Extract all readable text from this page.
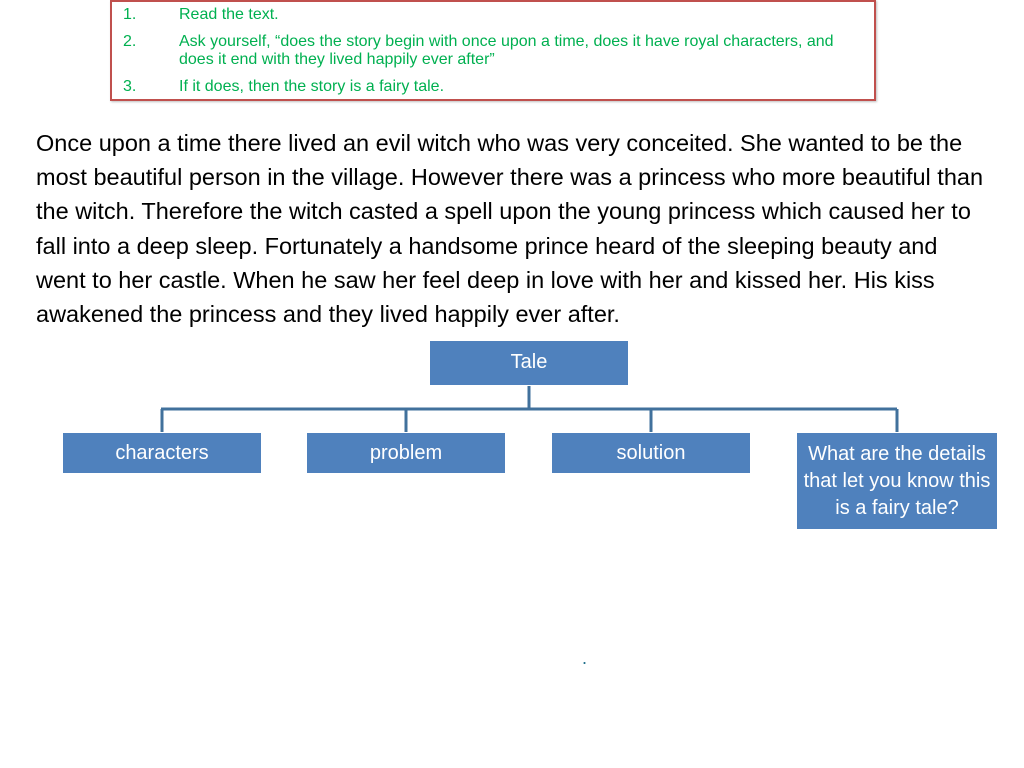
1.	Read the text.
2.	Ask yourself, “does the story begin with once upon a time, does it have royal characters, and does it end with they lived happily ever after”
3.	If it does, then the story is a fairy tale.

Once upon a time there lived an evil witch who was very conceited. She wanted to be the most beautiful person in the village. However there was a princess who more beautiful than the witch. Therefore the witch casted a spell upon the young princess which caused her to fall into a deep sleep. Fortunately a handsome prince heard of the sleeping beauty and went to her castle. When he saw her feel deep in love with her and kissed her. His kiss awakened the princess and they lived happily ever after.

Tale
characters	problem	solution	What are the details that let you know this is a fairy tale?
.
